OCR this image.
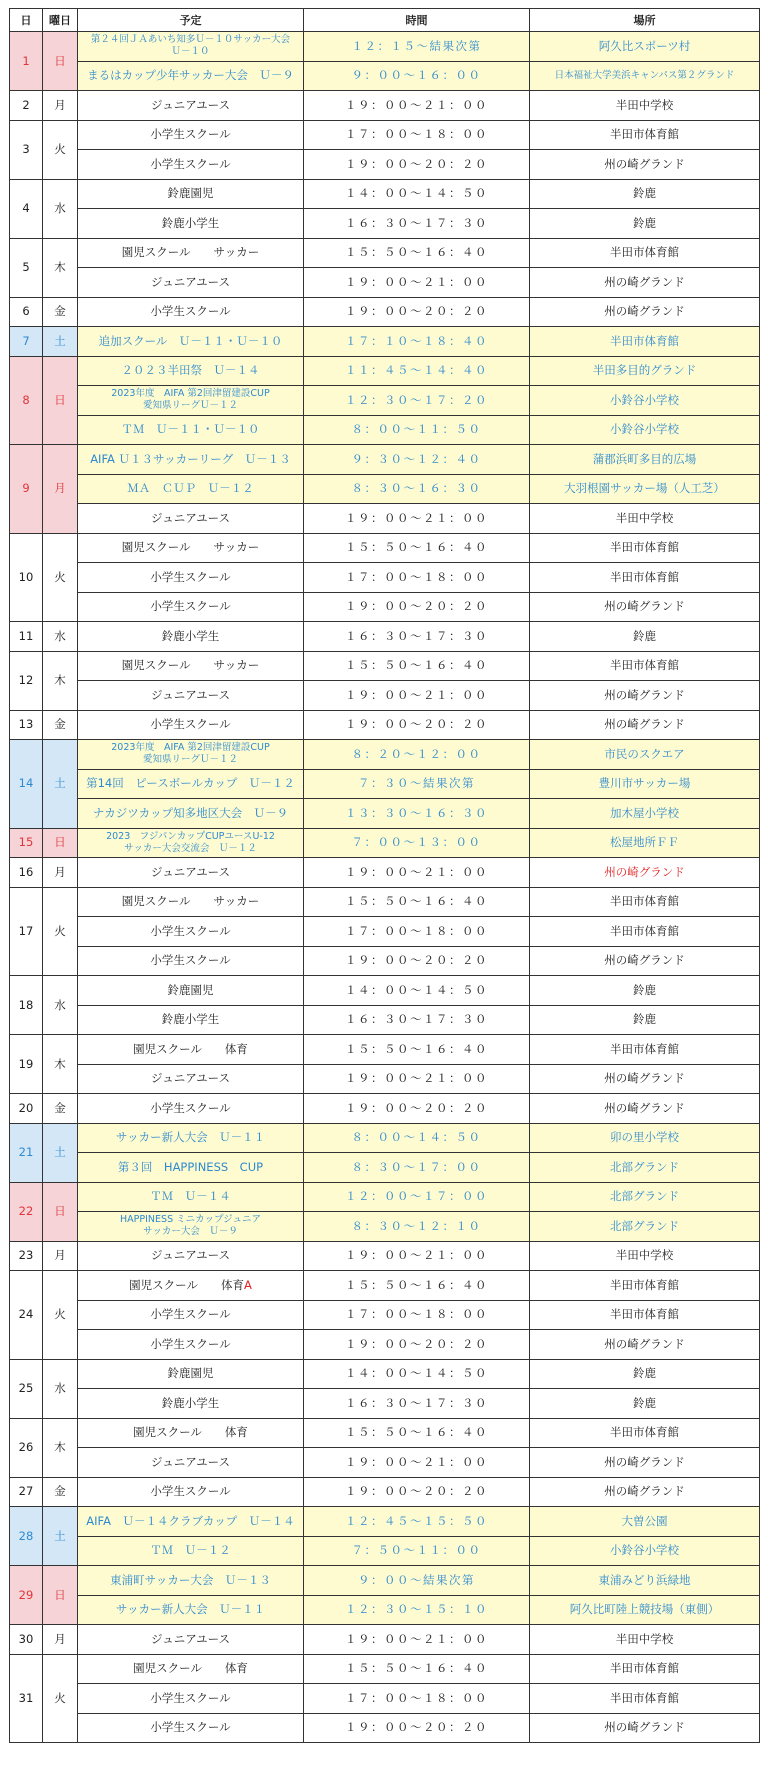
日	曜日	予定	時間	場所
1	日	第２４回ＪＡあいち知多Ｕ－１０サッカー大会
Ｕ－１０	１２：１５～結果次第	阿久比スポーツ村
		まるはカップ少年サッカー大会　Ｕ－９	９：００～１６：００	日本福祉大学美浜キャンパス第２グランド
2	月	ジュニアユース	１９：００～２１：００	半田中学校
3	火	小学生スクール	１７：００～１８：００	半田市体育館
		小学生スクール	１９：００～２０：２０	州の崎グランド
4	水	鈴鹿園児	１４：００～１４：５０	鈴鹿
		鈴鹿小学生	１６：３０～１７：３０	鈴鹿
5	木	園児スクール　　サッカー	１５：５０～１６：４０	半田市体育館
		ジュニアユース	１９：００～２１：００	州の崎グランド
6	金	小学生スクール	１９：００～２０：２０	州の崎グランド
7	土	追加スクール　Ｕ－１１・Ｕ－１０	１７：１０～１８：４０	半田市体育館
8	日	２０２３半田祭　Ｕ－１４	１１：４５～１４：４０	半田多目的グランド
		2023年度　AIFA 第2回津留建設CUP
愛知県リーグＵ－１２	１２：３０～１７：２０	小鈴谷小学校
		ＴＭ　Ｕ－１１・Ｕ－１０	８：００～１１：５０	小鈴谷小学校
9	月	AIFA Ｕ１３サッカーリーグ　Ｕ－１３	９：３０～１２：４０	蒲郡浜町多目的広場
		ＭＡ　ＣＵＰ　Ｕ－１２	８：３０～１６：３０	大羽根園サッカー場（人工芝）
		ジュニアユース	１９：００～２１：００	半田中学校
10	火	園児スクール　　サッカー	１５：５０～１６：４０	半田市体育館
		小学生スクール	１７：００～１８：００	半田市体育館
		小学生スクール	１９：００～２０：２０	州の崎グランド
11	水	鈴鹿小学生	１６：３０～１７：３０	鈴鹿
12	木	園児スクール　　サッカー	１５：５０～１６：４０	半田市体育館
		ジュニアユース	１９：００～２１：００	州の崎グランド
13	金	小学生スクール	１９：００～２０：２０	州の崎グランド
14	土	2023年度　AIFA 第2回津留建設CUP
愛知県リーグＵ－１２	８：２０～１２：００	市民のスクエア
		第14回　ピースボールカップ　Ｕ－１２	７：３０～結果次第	豊川市サッカー場
		ナカジツカップ知多地区大会　Ｕ－９	１３：３０～１６：３０	加木屋小学校
15	日	2023　フジパンカップCUPユースU-12
サッカー大会交流会　Ｕ－１２	７：００～１３：００	松屋地所ＦＦ
16	月	ジュニアユース	１９：００～２１：００	州の崎グランド
17	火	園児スクール　　サッカー	１５：５０～１６：４０	半田市体育館
		小学生スクール	１７：００～１８：００	半田市体育館
		小学生スクール	１９：００～２０：２０	州の崎グランド
18	水	鈴鹿園児	１４：００～１４：５０	鈴鹿
		鈴鹿小学生	１６：３０～１７：３０	鈴鹿
19	木	園児スクール　　体育	１５：５０～１６：４０	半田市体育館
		ジュニアユース	１９：００～２１：００	州の崎グランド
20	金	小学生スクール	１９：００～２０：２０	州の崎グランド
21	土	サッカー新人大会　Ｕ－１１	８：００～１４：５０	卯の里小学校
		第３回　HAPPINESS　CUP	８：３０～１７：００	北部グランド
22	日	ＴＭ　Ｕ－１４	１２：００～１７：００	北部グランド
		HAPPINESS ミニカップジュニア
サッカー大会　Ｕ－９	８：３０～１２：１０	北部グランド
23	月	ジュニアユース	１９：００～２１：００	半田中学校
24	火	園児スクール　　体育A	１５：５０～１６：４０	半田市体育館
		小学生スクール	１７：００～１８：００	半田市体育館
		小学生スクール	１９：００～２０：２０	州の崎グランド
25	水	鈴鹿園児	１４：００～１４：５０	鈴鹿
		鈴鹿小学生	１６：３０～１７：３０	鈴鹿
26	木	園児スクール　　体育	１５：５０～１６：４０	半田市体育館
		ジュニアユース	１９：００～２１：００	州の崎グランド
27	金	小学生スクール	１９：００～２０：２０	州の崎グランド
28	土	AIFA　Ｕ－１４クラブカップ　Ｕ－１４	１２：４５～１５：５０	大曽公園
		ＴＭ　Ｕ－１２	７：５０～１１：００	小鈴谷小学校
29	日	東浦町サッカー大会　Ｕ－１３	９：００～結果次第	東浦みどり浜緑地
		サッカー新人大会　Ｕ－１１	１２：３０～１５：１０	阿久比町陸上競技場（東側）
30	月	ジュニアユース	１９：００～２１：００	半田中学校
31	火	園児スクール　　体育	１５：５０～１６：４０	半田市体育館
		小学生スクール	１７：００～１８：００	半田市体育館
		小学生スクール	１９：００～２０：２０	州の崎グランド
